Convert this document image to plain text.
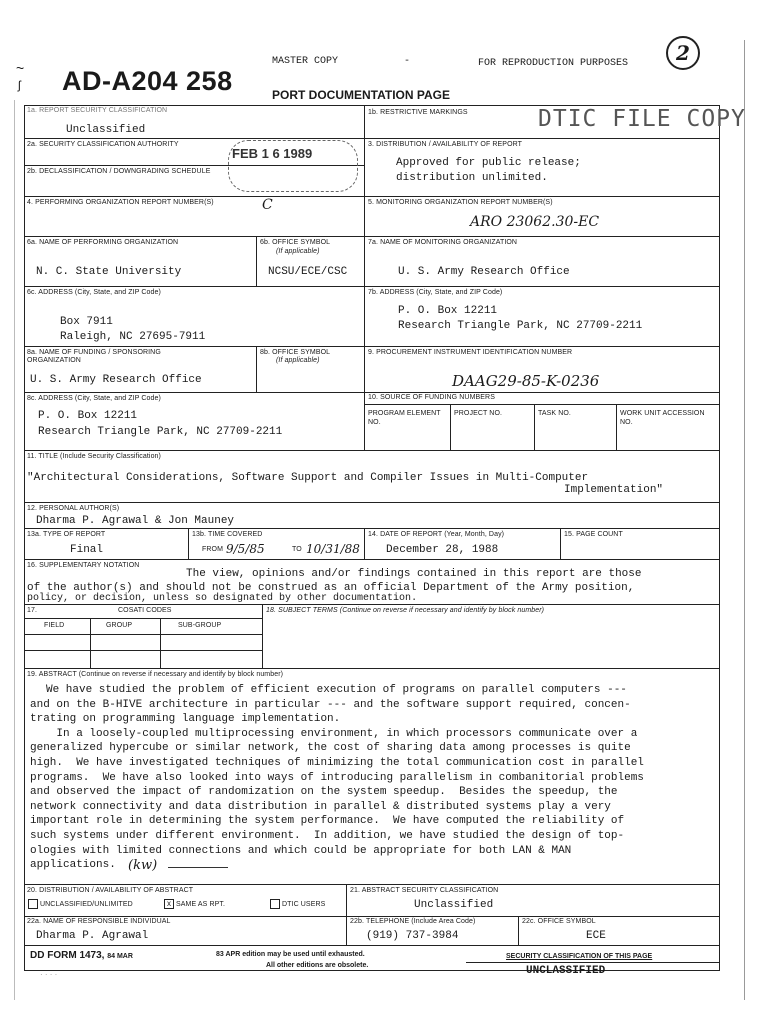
~
ʃ AD-A204 258
MASTER COPY	-	FOR REPRODUCTION PURPOSES	2
PORT DOCUMENTATION PAGE
1a. REPORT SECURITY CLASSIFICATION
Unclassified
1b. RESTRICTIVE MARKINGS	DTIC FILE COPY
2a. SECURITY CLASSIFICATION AUTHORITY
2b. DECLASSIFICATION / DOWNGRADING SCHEDULE
FEB 1 6 1989
3. DISTRIBUTION / AVAILABILITY OF REPORT
Approved for public release;
distribution unlimited.
4. PERFORMING ORGANIZATION REPORT NUMBER(S)	C	5. MONITORING ORGANIZATION REPORT NUMBER(S)
ARO 23062.30-EC
6a. NAME OF PERFORMING ORGANIZATION
N. C. State University
6b. OFFICE SYMBOL
(If applicable)
NCSU/ECE/CSC
7a. NAME OF MONITORING ORGANIZATION
U. S. Army Research Office
6c. ADDRESS (City, State, and ZIP Code)
Box 7911
Raleigh, NC 27695-7911
7b. ADDRESS (City, State, and ZIP Code)
P. O. Box 12211
Research Triangle Park, NC 27709-2211
8a. NAME OF FUNDING / SPONSORING
ORGANIZATION
U. S. Army Research Office
8b. OFFICE SYMBOL
(If applicable)
9. PROCUREMENT INSTRUMENT IDENTIFICATION NUMBER
DAAG29-85-K-0236
8c. ADDRESS (City, State, and ZIP Code)
P. O. Box 12211
Research Triangle Park, NC 27709-2211
10. SOURCE OF FUNDING NUMBERS
PROGRAM ELEMENT NO.
PROJECT NO.	TASK NO.	WORK UNIT ACCESSION NO.
11. TITLE (Include Security Classification)
"Architectural Considerations, Software Support and Compiler Issues in Multi-Computer
Implementation"
12. PERSONAL AUTHOR(S)
Dharma P. Agrawal & Jon Mauney
13a. TYPE OF REPORT
Final
13b. TIME COVERED
FROM 9/5/85	TO 10/31/88
14. DATE OF REPORT (Year, Month, Day)
December 28, 1988
15. PAGE COUNT
16. SUPPLEMENTARY NOTATION
The view, opinions and/or findings contained in this report are those
of the author(s) and should not be construed as an official Department of the Army position,
policy, or decision, unless so designated by other documentation.
17.	COSATI CODES
FIELD	GROUP	SUB-GROUP
18. SUBJECT TERMS (Continue on reverse if necessary and identify by block number)
19. ABSTRACT (Continue on reverse if necessary and identify by block number)

We have studied the problem of efficient execution of programs on parallel computers ---

and on the B-HIVE architecture in particular --- and the software support required, concen-

trating on programming language implementation.

In a loosely-coupled multiprocessing environment, in which processors communicate over a

generalized hypercube or similar network, the cost of sharing data among processes is quite

high.  We have investigated techniques of minimizing the total communication cost in parallel

programs.  We have also looked into ways of introducing parallelism in combanitorial problems

and observed the impact of randomization on the system speedup.  Besides the speedup, the

network connectivity and data distribution in parallel & distributed systems play a very

important role in determining the system performance.  We have computed the reliability of

such systems under different environment.  In addition, we have studied the design of top-

ologies with limited connections and which could be appropriate for both LAN & MAN

applications. (kw)
20. DISTRIBUTION / AVAILABILITY OF ABSTRACT
UNCLASSIFIED/UNLIMITED
x	SAME AS RPT.	DTIC USERS
21. ABSTRACT SECURITY CLASSIFICATION
Unclassified
22a. NAME OF RESPONSIBLE INDIVIDUAL
Dharma P. Agrawal
22b. TELEPHONE (Include Area Code)
(919) 737-3984
22c. OFFICE SYMBOL
ECE
DD FORM 1473, 84 MAR	83 APR edition may be used until exhausted.
All other editions are obsolete.
SECURITY CLASSIFICATION OF THIS PAGE
UNCLASSIFIED
· · · ·
